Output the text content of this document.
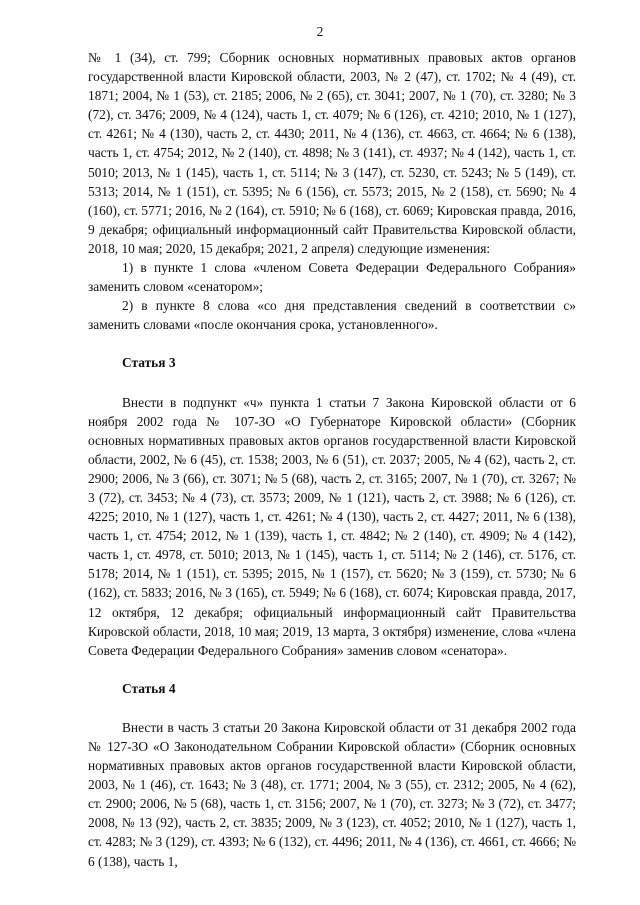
2

№ 1 (34), ст. 799; Сборник основных нормативных правовых актов органов государственной власти Кировской области, 2003, № 2 (47), ст. 1702; № 4 (49), ст. 1871; 2004, № 1 (53), ст. 2185; 2006, № 2 (65), ст. 3041; 2007, № 1 (70), ст. 3280; № 3 (72), ст. 3476; 2009, № 4 (124), часть 1, ст. 4079; № 6 (126), ст. 4210; 2010, № 1 (127), ст. 4261; № 4 (130), часть 2, ст. 4430; 2011, № 4 (136), ст. 4663, ст. 4664; № 6 (138), часть 1, ст. 4754; 2012, № 2 (140), ст. 4898; № 3 (141), ст. 4937; № 4 (142), часть 1, ст. 5010; 2013, № 1 (145), часть 1, ст. 5114; № 3 (147), ст. 5230, ст. 5243; № 5 (149), ст. 5313; 2014, № 1 (151), ст. 5395; № 6 (156), ст. 5573; 2015, № 2 (158), ст. 5690; № 4 (160), ст. 5771; 2016, № 2 (164), ст. 5910; № 6 (168), ст. 6069; Кировская правда, 2016, 9 декабря; официальный информационный сайт Правительства Кировской области, 2018, 10 мая; 2020, 15 декабря; 2021, 2 апреля) следующие изменения:

1) в пункте 1 слова «членом Совета Федерации Федерального Собрания» заменить словом «сенатором»;

2) в пункте 8 слова «со дня представления сведений в соответствии с» заменить словами «после окончания срока, установленного».

Статья 3

Внести в подпункт «ч» пункта 1 статьи 7 Закона Кировской области от 6 ноября 2002 года № 107-ЗО «О Губернаторе Кировской области» (Сборник основных нормативных правовых актов органов государственной власти Кировской области, 2002, № 6 (45), ст. 1538; 2003, № 6 (51), ст. 2037; 2005, № 4 (62), часть 2, ст. 2900; 2006, № 3 (66), ст. 3071; № 5 (68), часть 2, ст. 3165; 2007, № 1 (70), ст. 3267; № 3 (72), ст. 3453; № 4 (73), ст. 3573; 2009, № 1 (121), часть 2, ст. 3988; № 6 (126), ст. 4225; 2010, № 1 (127), часть 1, ст. 4261; № 4 (130), часть 2, ст. 4427; 2011, № 6 (138), часть 1, ст. 4754; 2012, № 1 (139), часть 1, ст. 4842; № 2 (140), ст. 4909; № 4 (142), часть 1, ст. 4978, ст. 5010; 2013, № 1 (145), часть 1, ст. 5114; № 2 (146), ст. 5176, ст. 5178; 2014, № 1 (151), ст. 5395; 2015, № 1 (157), ст. 5620; № 3 (159), ст. 5730; № 6 (162), ст. 5833; 2016, № 3 (165), ст. 5949; № 6 (168), ст. 6074; Кировская правда, 2017, 12 октября, 12 декабря; официальный информационный сайт Правительства Кировской области, 2018, 10 мая; 2019, 13 марта, 3 октября) изменение, слова «члена Совета Федерации Федерального Собрания» заменив словом «сенатора».

Статья 4

Внести в часть 3 статьи 20 Закона Кировской области от 31 декабря 2002 года № 127-ЗО «О Законодательном Собрании Кировской области» (Сборник основных нормативных правовых актов органов государственной власти Кировской области, 2003, № 1 (46), ст. 1643; № 3 (48), ст. 1771; 2004, № 3 (55), ст. 2312; 2005, № 4 (62), ст. 2900; 2006, № 5 (68), часть 1, ст. 3156; 2007, № 1 (70), ст. 3273; № 3 (72), ст. 3477; 2008, № 13 (92), часть 2, ст. 3835; 2009, № 3 (123), ст. 4052; 2010, № 1 (127), часть 1, ст. 4283; № 3 (129), ст. 4393; № 6 (132), ст. 4496; 2011, № 4 (136), ст. 4661, ст. 4666; № 6 (138), часть 1,
